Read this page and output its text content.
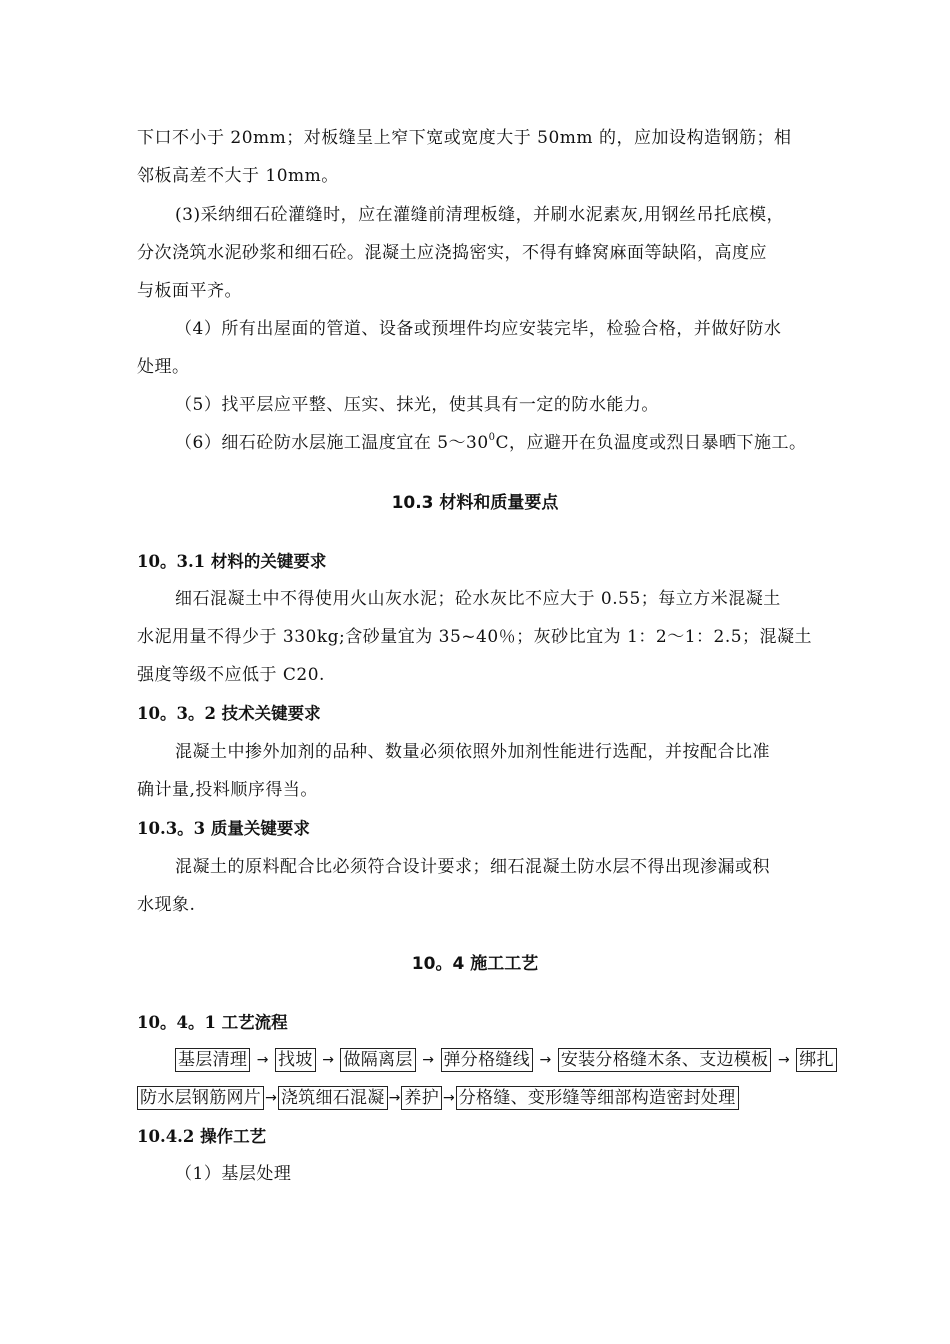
下口不小于 20mm；对板缝呈上窄下宽或宽度大于 50mm 的，应加设构造钢筋；相
邻板高差不大于 10mm。
(3)采纳细石砼灌缝时，应在灌缝前清理板缝，并刷水泥素灰,用钢丝吊托底模，
分次浇筑水泥砂浆和细石砼。混凝土应浇捣密实，不得有蜂窝麻面等缺陷，高度应
与板面平齐。
（4）所有出屋面的管道、设备或预埋件均应安装完毕，检验合格，并做好防水
处理。
（5）找平层应平整、压实、抹光，使其具有一定的防水能力。
（6）细石砼防水层施工温度宜在 $5\sim 30^0C$，应避开在负温度或烈日暴晒下施工。
10.3 材料和质量要点
10。3.1 材料的关键要求
细石混凝土中不得使用火山灰水泥；砼水灰比不应大于 0.55；每立方米混凝土
水泥用量不得少于 330kg;含砂量宜为 35~40％；灰砂比宜为 1：2～1：2.5；混凝土
强度等级不应低于 C20.
10。3。2 技术关键要求
混凝土中掺外加剂的品种、数量必须依照外加剂性能进行选配，并按配合比准
确计量,投料顺序得当。
10.3。3 质量关键要求
混凝土的原料配合比必须符合设计要求；细石混凝土防水层不得出现渗漏或积
水现象.
10。4 施工工艺
10。4。1 工艺流程
基层清理 → 找坡 → 做隔离层 → 弹分格缝线 → 安装分格缝木条、支边模板 → 绑扎
防水层钢筋网片 → 浇筑细石混凝 → 养护 → 分格缝、变形缝等细部构造密封处理
10.4.2 操作工艺
（1）基层处理
